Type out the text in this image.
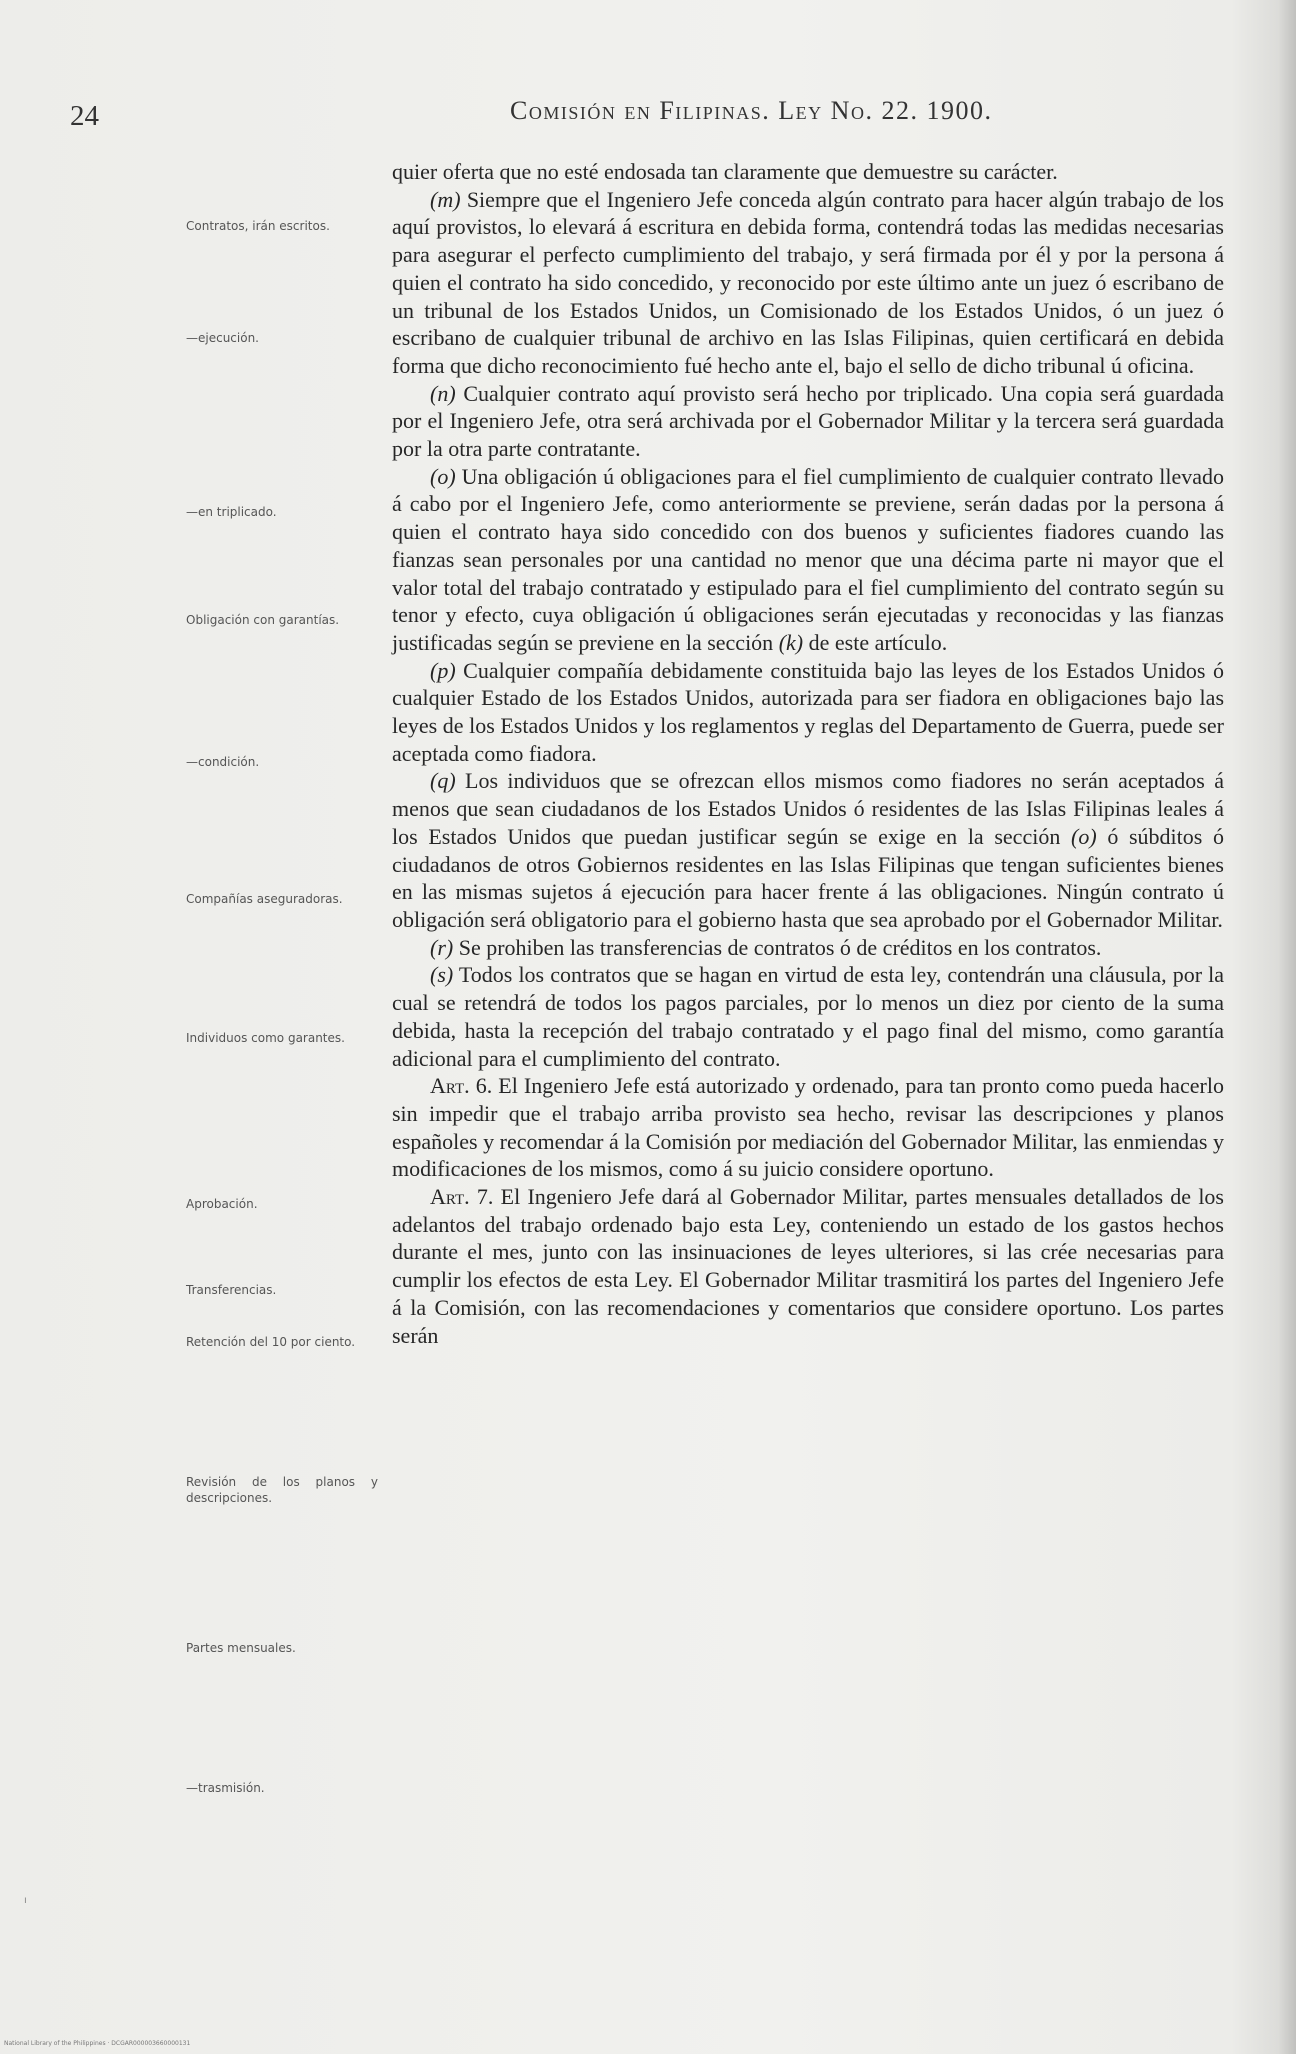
24	Comisión en Filipinas. Ley No. 22. 1900.
Contratos, irán escritos.
—ejecución.
—en triplicado.
Obligación con garantías.
—condición.
Compañías aseguradoras.
Individuos como garantes.
Aprobación.
Transferencias.
Retención del 10 por ciento.
Revisión de los planos y descripciones.
Partes mensuales.
—trasmisión.

quier oferta que no esté endosada tan claramente que demuestre su carácter.

(m) Siempre que el Ingeniero Jefe conceda algún contrato para hacer algún trabajo de los aquí provistos, lo elevará á escritura en debida forma, contendrá todas las medidas necesarias para asegurar el perfecto cumplimiento del trabajo, y será firmada por él y por la persona á quien el contrato ha sido concedido, y reconocido por este último ante un juez ó escribano de un tribunal de los Estados Unidos, un Comisionado de los Estados Unidos, ó un juez ó escribano de cualquier tribunal de archivo en las Islas Filipinas, quien certificará en debida forma que dicho reconocimiento fué hecho ante el, bajo el sello de dicho tribunal ú oficina.

(n) Cualquier contrato aquí provisto será hecho por triplicado. Una copia será guardada por el Ingeniero Jefe, otra será archivada por el Gobernador Militar y la tercera será guardada por la otra parte contratante.

(o) Una obligación ú obligaciones para el fiel cumplimiento de cualquier contrato llevado á cabo por el Ingeniero Jefe, como anteriormente se previene, serán dadas por la persona á quien el contrato haya sido concedido con dos buenos y suficientes fiadores cuando las fianzas sean personales por una cantidad no menor que una décima parte ni mayor que el valor total del trabajo contratado y estipulado para el fiel cumplimiento del contrato según su tenor y efecto, cuya obligación ú obligaciones serán ejecutadas y reconocidas y las fianzas justificadas según se previene en la sección (k) de este artículo.

(p) Cualquier compañía debidamente constituida bajo las leyes de los Estados Unidos ó cualquier Estado de los Estados Unidos, autorizada para ser fiadora en obligaciones bajo las leyes de los Estados Unidos y los reglamentos y reglas del Departamento de Guerra, puede ser aceptada como fiadora.

(q) Los individuos que se ofrezcan ellos mismos como fiadores no serán aceptados á menos que sean ciudadanos de los Estados Unidos ó residentes de las Islas Filipinas leales á los Estados Unidos que puedan justificar según se exige en la sección (o) ó súbditos ó ciudadanos de otros Gobiernos residentes en las Islas Filipinas que tengan suficientes bienes en las mismas sujetos á ejecución para hacer frente á las obligaciones. Ningún contrato ú obligación será obligatorio para el gobierno hasta que sea aprobado por el Gobernador Militar.

(r) Se prohiben las transferencias de contratos ó de créditos en los contratos.

(s) Todos los contratos que se hagan en virtud de esta ley, contendrán una cláusula, por la cual se retendrá de todos los pagos parciales, por lo menos un diez por ciento de la suma debida, hasta la recepción del trabajo contratado y el pago final del mismo, como garantía adicional para el cumplimiento del contrato.

Art. 6. El Ingeniero Jefe está autorizado y ordenado, para tan pronto como pueda hacerlo sin impedir que el trabajo arriba provisto sea hecho, revisar las descripciones y planos españoles y recomendar á la Comisión por mediación del Gobernador Militar, las enmiendas y modificaciones de los mismos, como á su juicio considere oportuno.

Art. 7. El Ingeniero Jefe dará al Gobernador Militar, partes mensuales detallados de los adelantos del trabajo ordenado bajo esta Ley, conteniendo un estado de los gastos hechos durante el mes, junto con las insinuaciones de leyes ulteriores, si las crée necesarias para cumplir los efectos de esta Ley. El Gobernador Militar trasmitirá los partes del Ingeniero Jefe á la Comisión, con las recomendaciones y comentarios que considere oportuno. Los partes serán

ı
National Library of the Philippines · DCGAR000003660000131
